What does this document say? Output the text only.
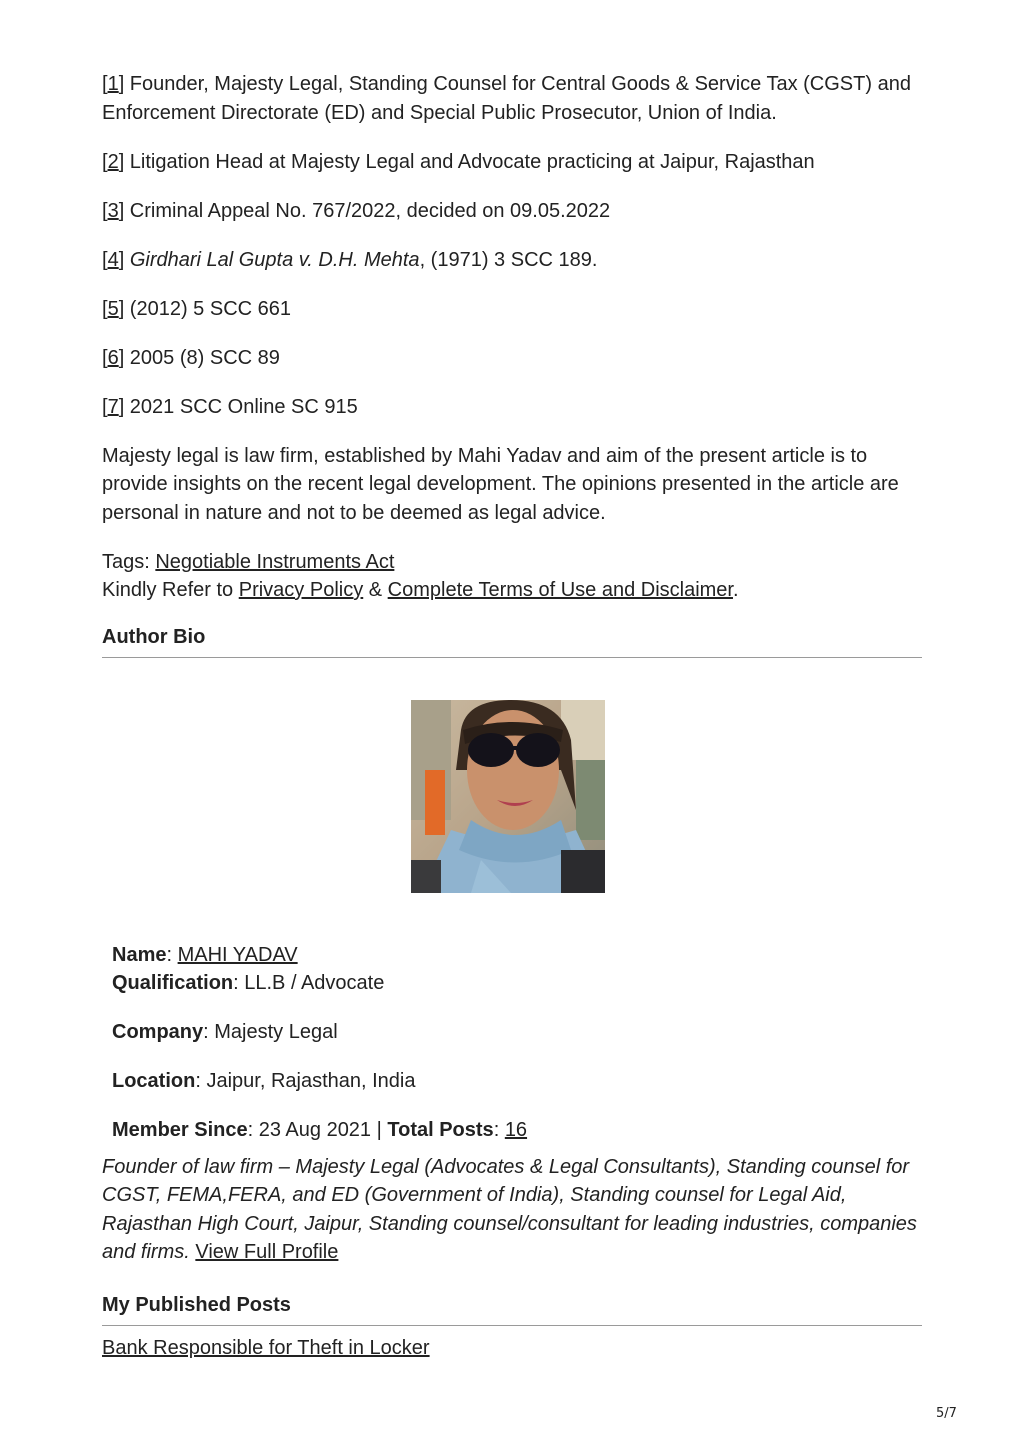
[1] Founder, Majesty Legal, Standing Counsel for Central Goods & Service Tax (CGST) and Enforcement Directorate (ED) and Special Public Prosecutor, Union of India.

[2] Litigation Head at Majesty Legal and Advocate practicing at Jaipur, Rajasthan

[3] Criminal Appeal No. 767/2022, decided on 09.05.2022

[4] Girdhari Lal Gupta v. D.H. Mehta, (1971) 3 SCC 189.

[5] (2012) 5 SCC 661

[6] 2005 (8) SCC 89

[7] 2021 SCC Online SC 915

Majesty legal is law firm, established by Mahi Yadav and aim of the present article is to provide insights on the recent legal development. The opinions presented in the article are personal in nature and not to be deemed as legal advice.

Tags: Negotiable Instruments Act
Kindly Refer to Privacy Policy & Complete Terms of Use and Disclaimer.

Author Bio

Name: MAHI YADAV

Qualification: LL.B / Advocate

Company: Majesty Legal

Location: Jaipur, Rajasthan, India

Member Since: 23 Aug 2021 | Total Posts: 16

Founder of law firm – Majesty Legal (Advocates & Legal Consultants), Standing counsel for CGST, FEMA,FERA, and ED (Government of India), Standing counsel for Legal Aid, Rajasthan High Court, Jaipur, Standing counsel/consultant for leading industries, companies and firms. View Full Profile

My Published Posts
Bank Responsible for Theft in Locker
5/7
